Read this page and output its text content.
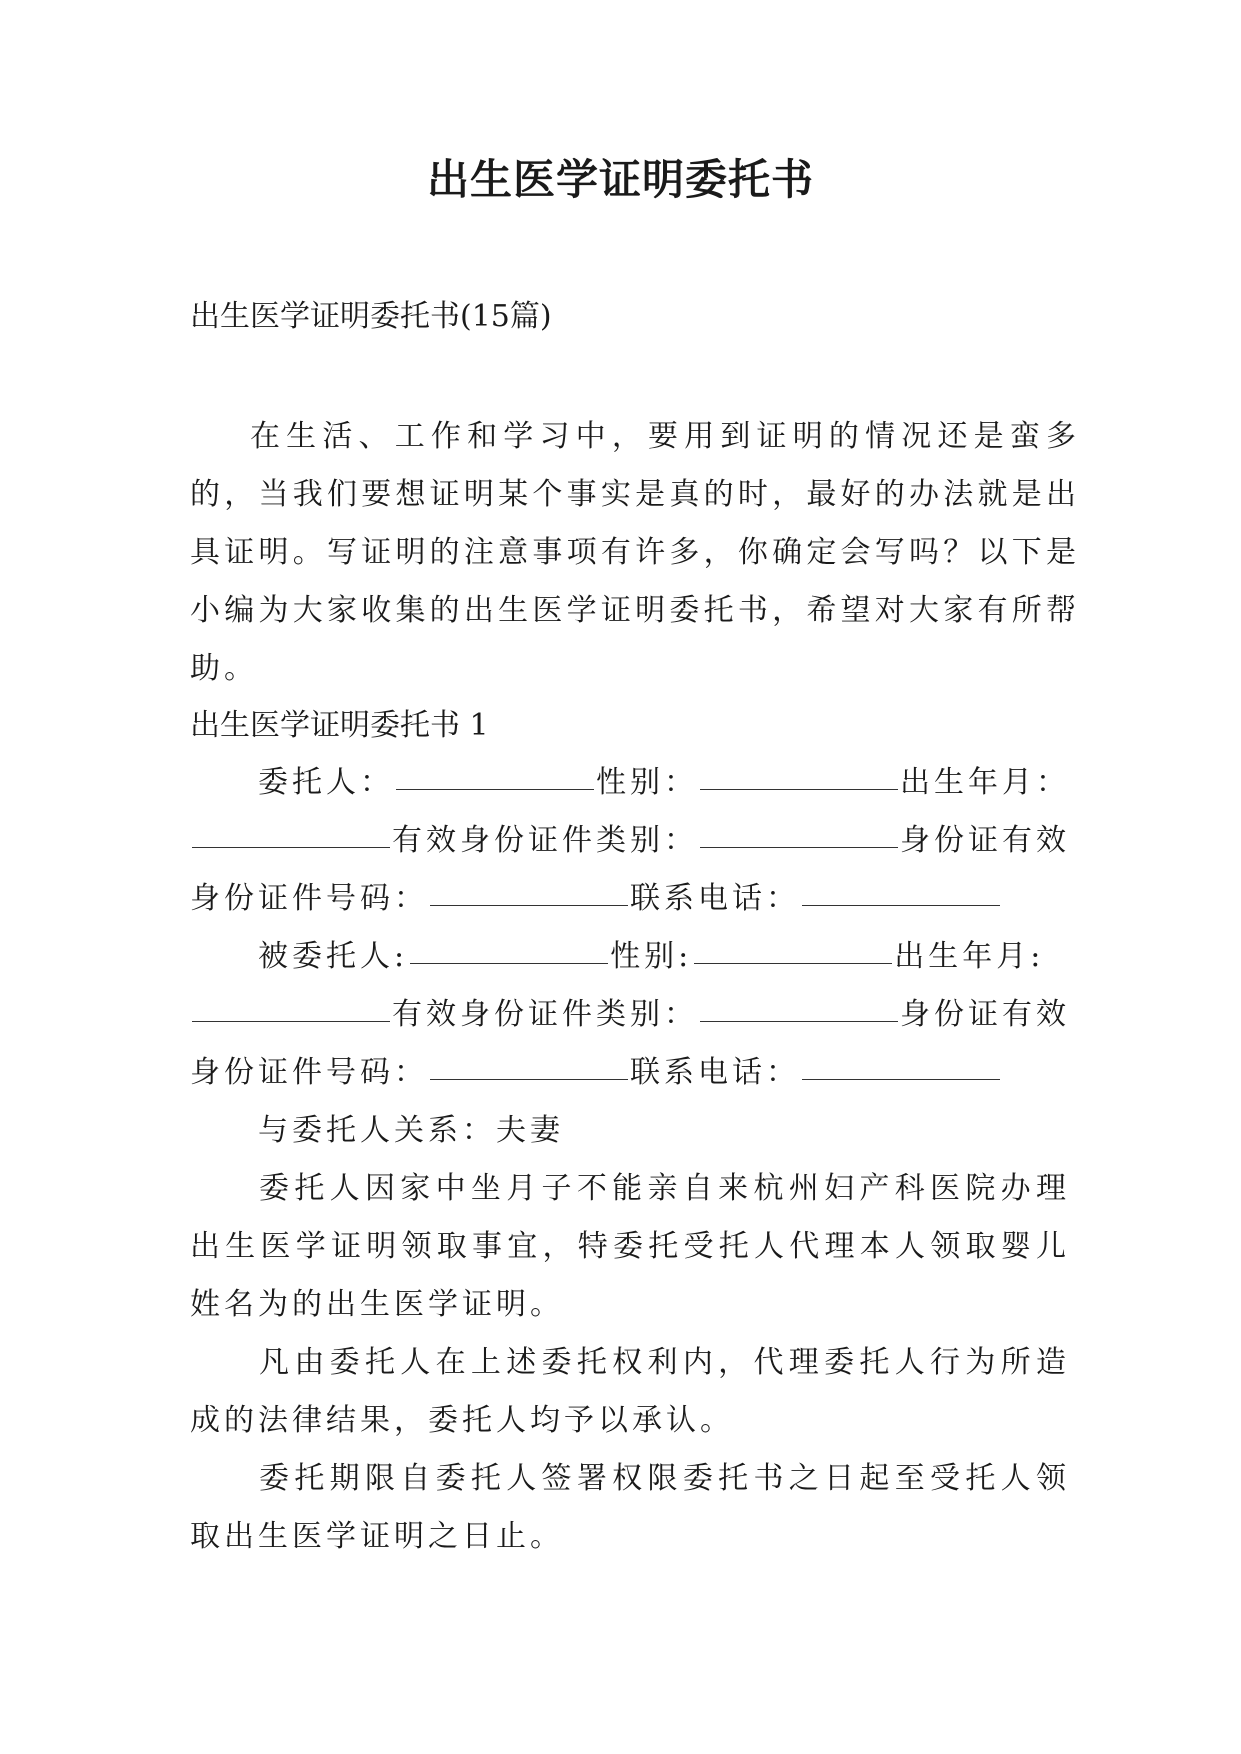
出生医学证明委托书
出生医学证明委托书(15篇)

在生活、工作和学习中，要用到证明的情况还是蛮多的，当我们要想证明某个事实是真的时，最好的办法就是出具证明。写证明的注意事项有许多，你确定会写吗？以下是小编为大家收集的出生医学证明委托书，希望对大家有所帮助。

出生医学证明委托书 1
委托人：	性别：	出生年月：
有效身份证件类别：	身份证有效
身份证件号码：	联系电话：
被委托人:	性别:	出生年月:
有效身份证件类别：	身份证有效
身份证件号码：	联系电话：
与委托人关系：夫妻

委托人因家中坐月子不能亲自来杭州妇产科医院办理出生医学证明领取事宜，特委托受托人代理本人领取婴儿姓名为的出生医学证明。

凡由委托人在上述委托权利内，代理委托人行为所造成的法律结果，委托人均予以承认。

委托期限自委托人签署权限委托书之日起至受托人领取出生医学证明之日止。
